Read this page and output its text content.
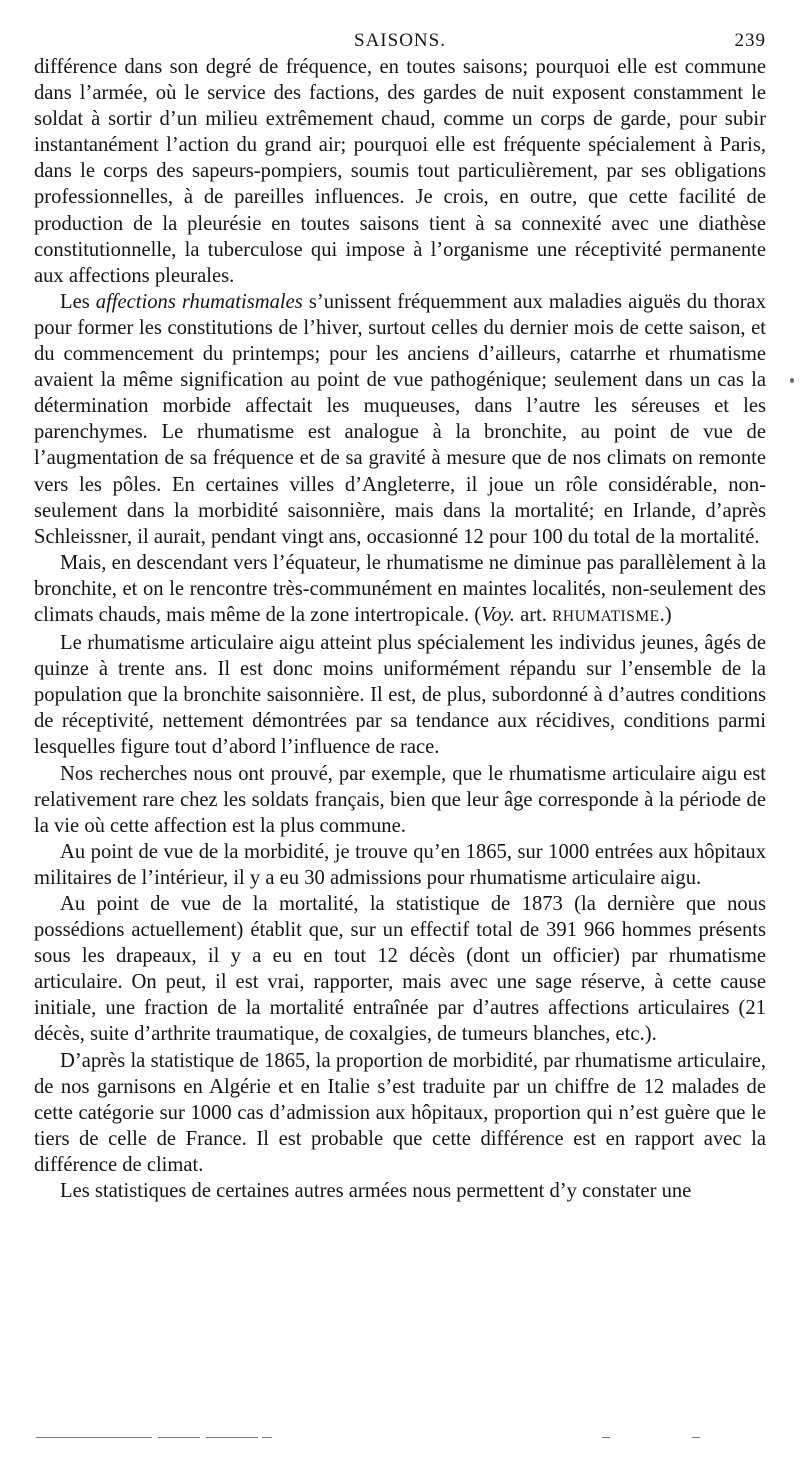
SAISONS.	239

différence dans son degré de fréquence, en toutes saisons; pourquoi elle est commune dans l’armée, où le service des factions, des gardes de nuit exposent constamment le soldat à sortir d’un milieu extrêmement chaud, comme un corps de garde, pour subir instantanément l’action du grand air; pourquoi elle est fréquente spécialement à Paris, dans le corps des sapeurs-pompiers, soumis tout particulièrement, par ses obligations professionnelles, à de pareilles influences. Je crois, en outre, que cette facilité de production de la pleurésie en toutes saisons tient à sa connexité avec une diathèse constitutionnelle, la tuberculose qui impose à l’organisme une réceptivité permanente aux affections pleurales.

Les affections rhumatismales s’unissent fréquemment aux maladies aiguës du thorax pour former les constitutions de l’hiver, surtout celles du dernier mois de cette saison, et du commencement du printemps; pour les anciens d’ailleurs, catarrhe et rhumatisme avaient la même signification au point de vue pathogénique; seulement dans un cas la détermination morbide affectait les muqueuses, dans l’autre les séreuses et les parenchymes. Le rhumatisme est analogue à la bronchite, au point de vue de l’augmentation de sa fréquence et de sa gravité à mesure que de nos climats on remonte vers les pôles. En certaines villes d’Angleterre, il joue un rôle considérable, non-seulement dans la morbidité saisonnière, mais dans la mortalité; en Irlande, d’après Schleissner, il aurait, pendant vingt ans, occasionné 12 pour 100 du total de la mortalité.

Mais, en descendant vers l’équateur, le rhumatisme ne diminue pas parallèlement à la bronchite, et on le rencontre très-communément en maintes localités, non-seulement des climats chauds, mais même de la zone intertropicale. (Voy. art. RHUMATISME.)

Le rhumatisme articulaire aigu atteint plus spécialement les individus jeunes, âgés de quinze à trente ans. Il est donc moins uniformément répandu sur l’ensemble de la population que la bronchite saisonnière. Il est, de plus, subordonné à d’autres conditions de réceptivité, nettement démontrées par sa tendance aux récidives, conditions parmi lesquelles figure tout d’abord l’influence de race.

Nos recherches nous ont prouvé, par exemple, que le rhumatisme articulaire aigu est relativement rare chez les soldats français, bien que leur âge corresponde à la période de la vie où cette affection est la plus commune.

Au point de vue de la morbidité, je trouve qu’en 1865, sur 1000 entrées aux hôpitaux militaires de l’intérieur, il y a eu 30 admissions pour rhumatisme articulaire aigu.

Au point de vue de la mortalité, la statistique de 1873 (la dernière que nous possédions actuellement) établit que, sur un effectif total de 391 966 hommes présents sous les drapeaux, il y a eu en tout 12 décès (dont un officier) par rhumatisme articulaire. On peut, il est vrai, rapporter, mais avec une sage réserve, à cette cause initiale, une fraction de la mortalité entraînée par d’autres affections articulaires (21 décès, suite d’arthrite traumatique, de coxalgies, de tumeurs blanches, etc.).

D’après la statistique de 1865, la proportion de morbidité, par rhumatisme articulaire, de nos garnisons en Algérie et en Italie s’est traduite par un chiffre de 12 malades de cette catégorie sur 1000 cas d’admission aux hôpitaux, proportion qui n’est guère que le tiers de celle de France. Il est probable que cette différence est en rapport avec la différence de climat.

Les statistiques de certaines autres armées nous permettent d’y constater une
